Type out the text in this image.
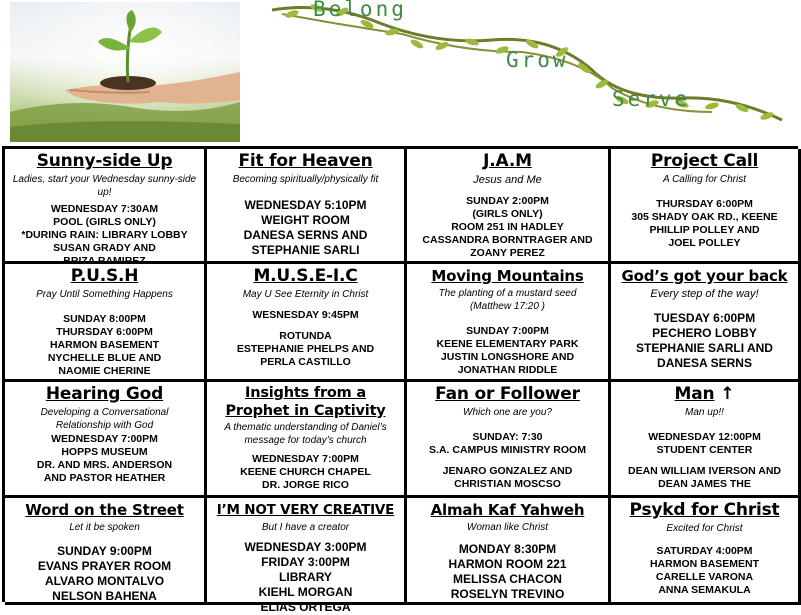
Belong
Grow
Serve
Sunny-side Up
Ladies, start your Wednesday sunny-side up!
WEDNESDAY 7:30AM
POOL (GIRLS ONLY)
*DURING RAIN: LIBRARY LOBBY
SUSAN GRADY AND
BRIZA RAMIREZ
Fit for Heaven
Becoming spiritually/physically fit
WEDNESDAY 5:10PM
WEIGHT ROOM
DANESA SERNS AND
STEPHANIE SARLI
J.A.M
Jesus and Me
SUNDAY 2:00PM
(GIRLS ONLY)
ROOM 251 IN HADLEY
CASSANDRA BORNTRAGER AND
ZOANY PEREZ
Project Call
A Calling for Christ
THURSDAY 6:00PM
305 SHADY OAK RD., KEENE
PHILLIP POLLEY AND
JOEL POLLEY
P.U.S.H
Pray Until Something Happens
SUNDAY 8:00PM
THURSDAY 6:00PM
HARMON BASEMENT
NYCHELLE BLUE AND
NAOMIE CHERINE
M.U.S.E-I.C
May U See Eternity in Christ
WESNESDAY 9:45PM
ROTUNDA
ESTEPHANIE PHELPS AND
PERLA CASTILLO
Moving Mountains
The planting of a mustard seed (Matthew 17:20 )
SUNDAY 7:00PM
KEENE ELEMENTARY PARK
JUSTIN LONGSHORE AND
JONATHAN RIDDLE
God’s got your back
Every step of the way!
TUESDAY 6:00PM
PECHERO LOBBY
STEPHANIE SARLI AND
DANESA SERNS
Hearing God
Developing a Conversational Relationship with God
WEDNESDAY 7:00PM
HOPPS MUSEUM
DR. AND MRS. ANDERSON
AND PASTOR HEATHER
Insights from a Prophet in Captivity
A thematic understanding of Daniel’s message for today’s church
WEDNESDAY 7:00PM
KEENE CHURCH CHAPEL
DR. JORGE RICO
Fan or Follower
Which one are you?
SUNDAY: 7:30
S.A. CAMPUS MINISTRY ROOM
JENARO GONZALEZ AND
CHRISTIAN MOSCSO
Man ↑
Man up!!
WEDNESDAY 12:00PM
STUDENT CENTER
DEAN WILLIAM IVERSON AND
DEAN JAMES THE
Word on the Street
Let it be spoken
SUNDAY 9:00PM
EVANS PRAYER ROOM
ALVARO MONTALVO
NELSON BAHENA
I’M NOT VERY CREATIVE
But I have a creator
WEDNESDAY 3:00PM
FRIDAY 3:00PM
LIBRARY
KIEHL MORGAN
ELIAS ORTEGA
Almah Kaf Yahweh
Woman like Christ
MONDAY 8:30PM
HARMON ROOM 221
MELISSA CHACON
ROSELYN TREVINO
Psykd for Christ
Excited for Christ
SATURDAY 4:00PM
HARMON BASEMENT
CARELLE VARONA
ANNA SEMAKULA
